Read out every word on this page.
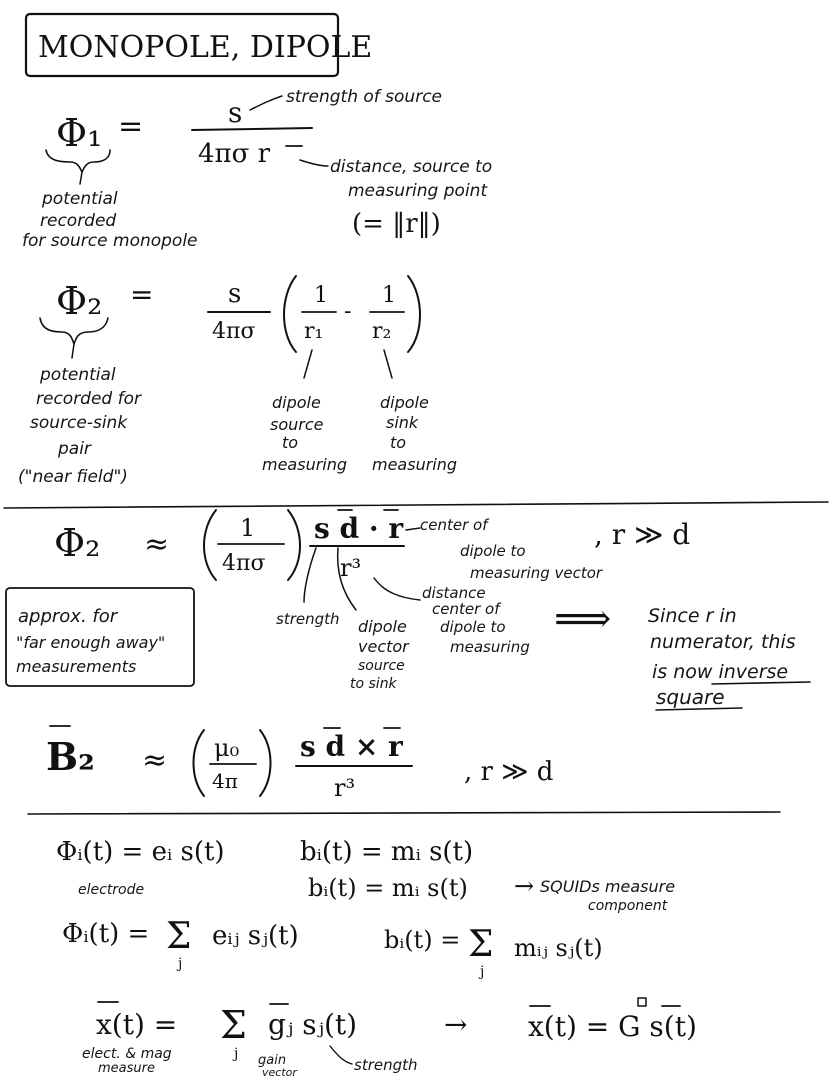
MONOPOLE, DIPOLE
Φ₁ =	s
4πσ r
strength of source
distance, source to
measuring point
(= ‖r‖)
potential
recorded
for source monopole
Φ₂ =	s
4πσ
1
r₁
-
1
r₂
potential
recorded for
source-sink
pair
("near field")
dipole
source
to
measuring
dipole
sink
to
measuring
Φ₂ ≈	1
4πσ
s d · r
r³
, r ≫ d
center of
dipole to
measuring vector
distance
center of
dipole to
measuring
approx. for
"far enough away"
measurements
strength dipole
vector
source
to sink
⟹ Since r in
numerator, this
is now inverse
square
B₂ ≈ μ₀
4π
s d × r
r³
, r ≫ d
Φᵢ(t) = eᵢ s(t)
electrode
bᵢ(t) = mᵢ s(t)
bᵢ(t) = mᵢ s(t) → SQUIDs measure
component
Φᵢ(t) = Σ
j
eᵢⱼ sⱼ(t)	bᵢ(t) = Σ
j
mᵢⱼ sⱼ(t)
x(t) = Σ
j
gⱼ sⱼ(t)	→ x(t) = G s(t)
elect. & mag
measure
gain
vector	strength
